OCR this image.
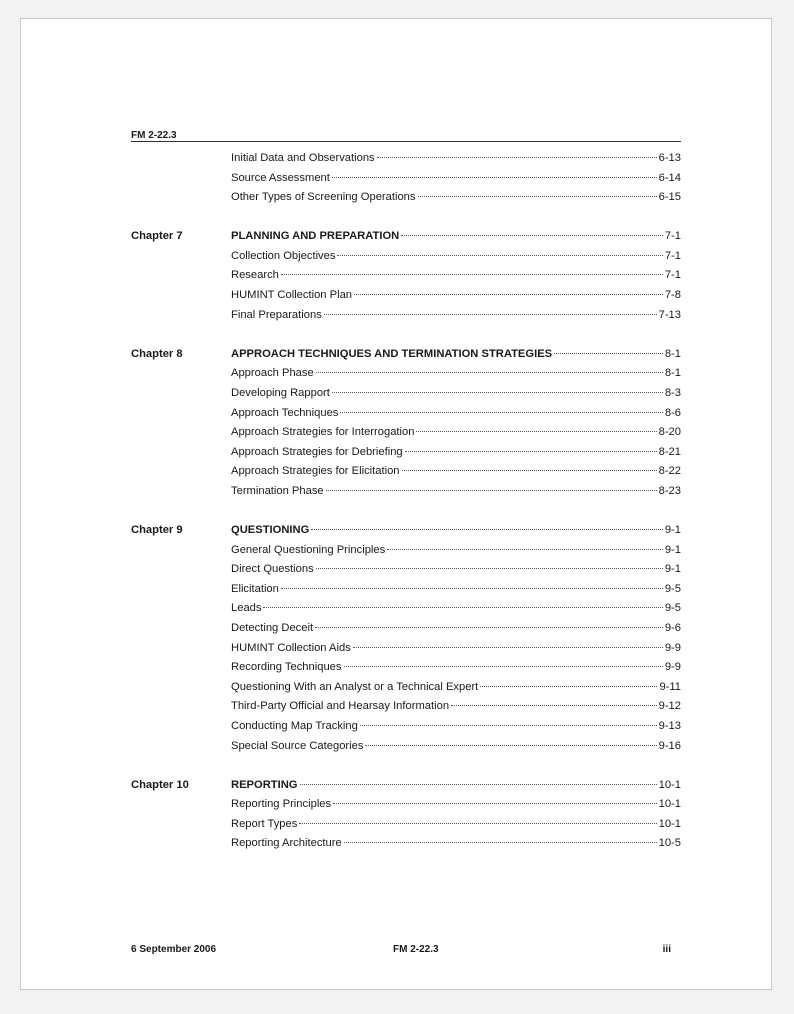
FM 2-22.3
Initial Data and Observations	6-13
Source Assessment	6-14
Other Types of Screening Operations	6-15
Chapter 7	PLANNING AND PREPARATION	7-1
Collection Objectives	7-1
Research	7-1
HUMINT Collection Plan	7-8
Final Preparations	7-13
Chapter 8	APPROACH TECHNIQUES AND TERMINATION STRATEGIES	8-1
Approach Phase	8-1
Developing Rapport	8-3
Approach Techniques	8-6
Approach Strategies for Interrogation	8-20
Approach Strategies for Debriefing	8-21
Approach Strategies for Elicitation	8-22
Termination Phase	8-23
Chapter 9	QUESTIONING	9-1
General Questioning Principles	9-1
Direct Questions	9-1
Elicitation	9-5
Leads	9-5
Detecting Deceit	9-6
HUMINT Collection Aids	9-9
Recording Techniques	9-9
Questioning With an Analyst or a Technical Expert	9-11
Third-Party Official and Hearsay Information	9-12
Conducting Map Tracking	9-13
Special Source Categories	9-16
Chapter 10	REPORTING	10-1
Reporting Principles	10-1
Report Types	10-1
Reporting Architecture	10-5
6 September 2006	FM 2-22.3	iii
